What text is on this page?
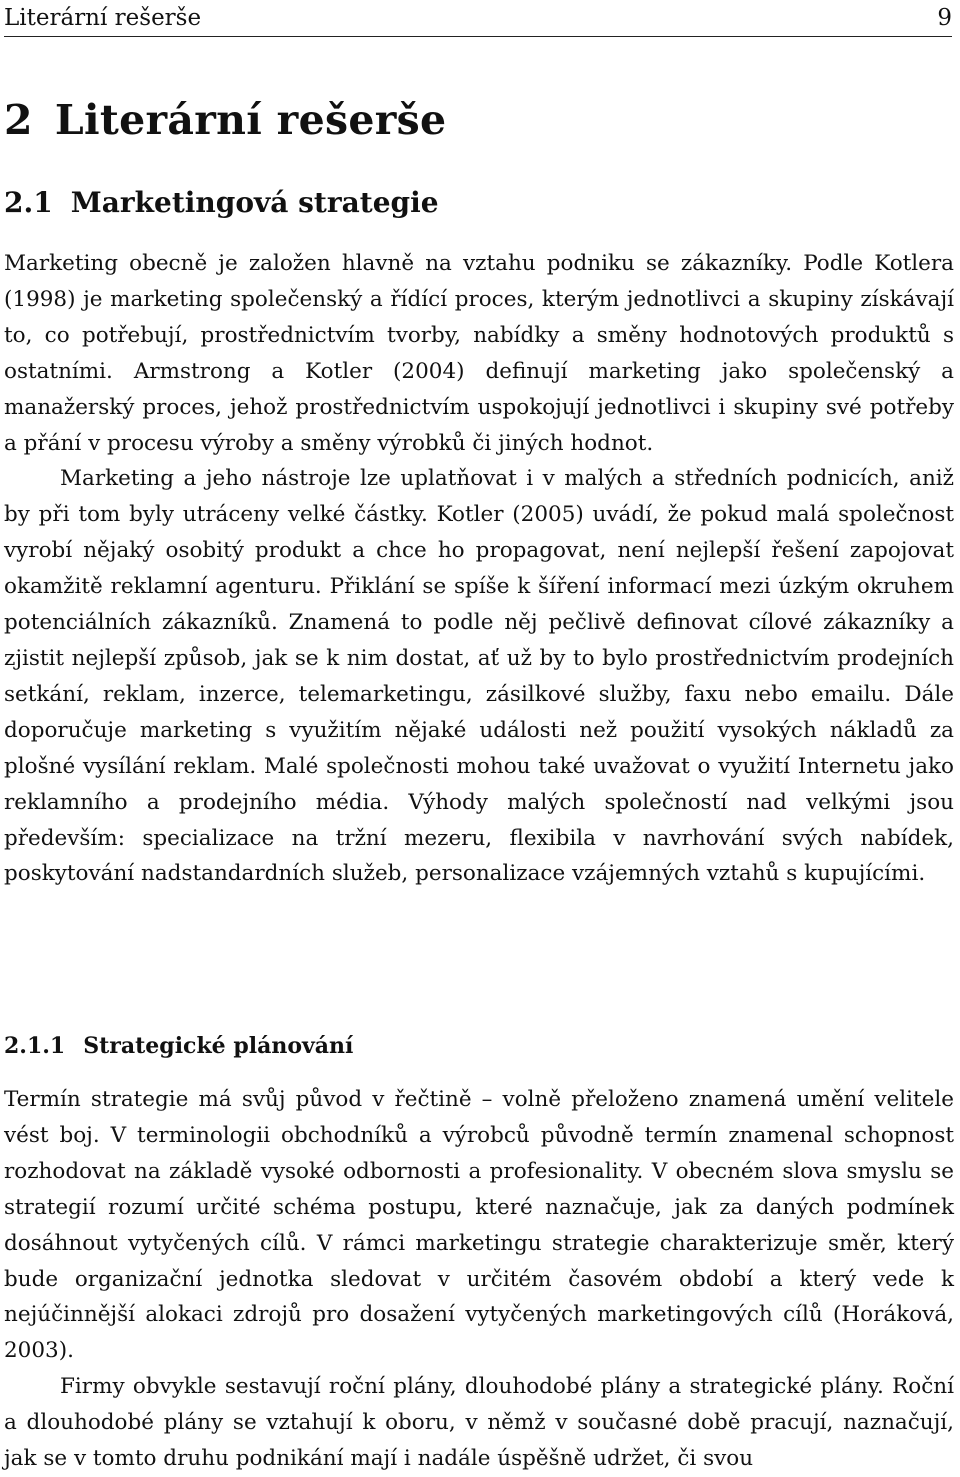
Literární rešerše	9
2 Literární rešerše
2.1 Marketingová strategie
Marketing obecně je založen hlavně na vztahu podniku se zákazníky. Podle Kotlera (1998) je marketing společenský a řídící proces, kterým jednotlivci a skupiny získávají to, co potřebují, prostřednictvím tvorby, nabídky a směny hodnotových produktů s ostatními. Armstrong a Kotler (2004) definují marketing jako společenský a manažerský proces, jehož prostřednictvím uspokojují jednotlivci i skupiny své potřeby a přání v procesu výroby a směny výrobků či jiných hodnot.
Marketing a jeho nástroje lze uplatňovat i v malých a středních podnicích, aniž by při tom byly utráceny velké částky. Kotler (2005) uvádí, že pokud malá společnost vyrobí nějaký osobitý produkt a chce ho propagovat, není nejlepší řešení zapojovat okamžitě reklamní agenturu. Přiklání se spíše k šíření informací mezi úzkým okruhem potenciálních zákazníků. Znamená to podle něj pečlivě definovat cílové zákazníky a zjistit nejlepší způsob, jak se k nim dostat, ať už by to bylo prostřednictvím prodejních setkání, reklam, inzerce, telemarketingu, zásilkové služby, faxu nebo emailu. Dále doporučuje marketing s využitím nějaké události než použití vysokých nákladů za plošné vysílání reklam. Malé společnosti mohou také uvažovat o využití Internetu jako reklamního a prodejního média. Výhody malých společností nad velkými jsou především: specializace na tržní mezeru, flexibila v navrhování svých nabídek, poskytování nadstandardních služeb, personalizace vzájemných vztahů s kupujícími.
2.1.1 Strategické plánování
Termín strategie má svůj původ v řečtině – volně přeloženo znamená umění velitele vést boj. V terminologii obchodníků a výrobců původně termín znamenal schopnost rozhodovat na základě vysoké odbornosti a profesionality. V obecném slova smyslu se strategií rozumí určité schéma postupu, které naznačuje, jak za daných podmínek dosáhnout vytyčených cílů. V rámci marketingu strategie charakterizuje směr, který bude organizační jednotka sledovat v určitém časovém období a který vede k nejúčinnější alokaci zdrojů pro dosažení vytyčených marketingových cílů (Horáková, 2003).
Firmy obvykle sestavují roční plány, dlouhodobé plány a strategické plány. Roční a dlouhodobé plány se vztahují k oboru, v němž v současné době pracují, naznačují, jak se v tomto druhu podnikání mají i nadále úspěšně udržet, či svou
